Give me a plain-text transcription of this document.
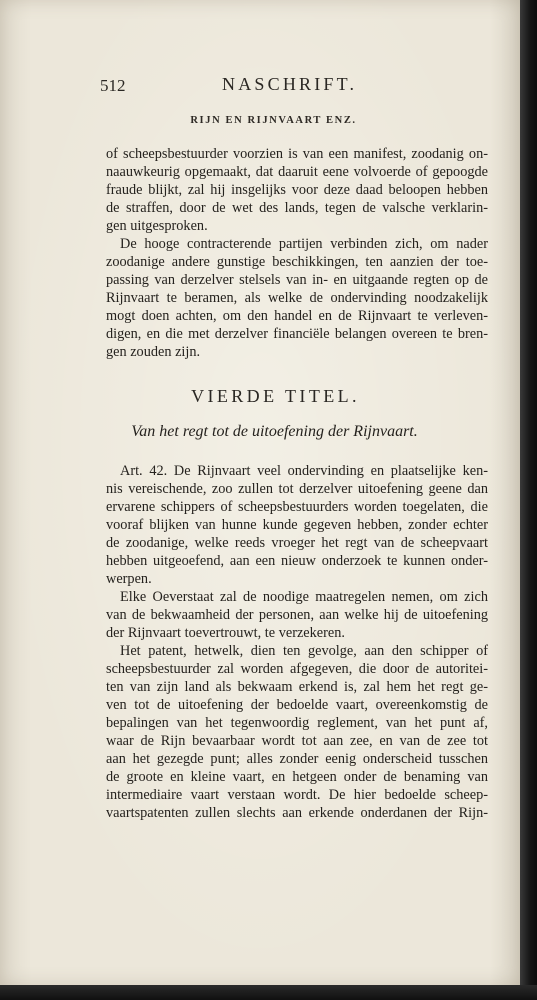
512	NASCHRIFT.
RIJN EN RIJNVAART ENZ.
of scheepsbestuurder voorzien is van een manifest, zoodanig on-
naauwkeurig opgemaakt, dat daaruit eene volvoerde of gepoogde
fraude blijkt, zal hij insgelijks voor deze daad beloopen hebben
de straffen, door de wet des lands, tegen de valsche verklarin-
gen uitgesproken.
De hooge contracterende partijen verbinden zich, om nader
zoodanige andere gunstige beschikkingen, ten aanzien der toe-
passing van derzelver stelsels van in- en uitgaande regten op de
Rijnvaart te beramen, als welke de ondervinding noodzakelijk
mogt doen achten, om den handel en de Rijnvaart te verleven-
digen, en die met derzelver financiële belangen overeen te bren-
gen zouden zijn.
VIERDE TITEL.
Van het regt tot de uitoefening der Rijnvaart.
Art. 42. De Rijnvaart veel ondervinding en plaatselijke ken-
nis vereischende, zoo zullen tot derzelver uitoefening geene dan
ervarene schippers of scheepsbestuurders worden toegelaten, die
vooraf blijken van hunne kunde gegeven hebben, zonder echter
de zoodanige, welke reeds vroeger het regt van de scheepvaart
hebben uitgeoefend, aan een nieuw onderzoek te kunnen onder-
werpen.
Elke Oeverstaat zal de noodige maatregelen nemen, om zich
van de bekwaamheid der personen, aan welke hij de uitoefening
der Rijnvaart toevertrouwt, te verzekeren.
Het patent, hetwelk, dien ten gevolge, aan den schipper of
scheepsbestuurder zal worden afgegeven, die door de autoritei-
ten van zijn land als bekwaam erkend is, zal hem het regt ge-
ven tot de uitoefening der bedoelde vaart, overeenkomstig de
bepalingen van het tegenwoordig reglement, van het punt af,
waar de Rijn bevaarbaar wordt tot aan zee, en van de zee tot
aan het gezegde punt; alles zonder eenig onderscheid tusschen
de groote en kleine vaart, en hetgeen onder de benaming van
intermediaire vaart verstaan wordt. De hier bedoelde scheep-
vaartspatenten zullen slechts aan erkende onderdanen der Rijn-
